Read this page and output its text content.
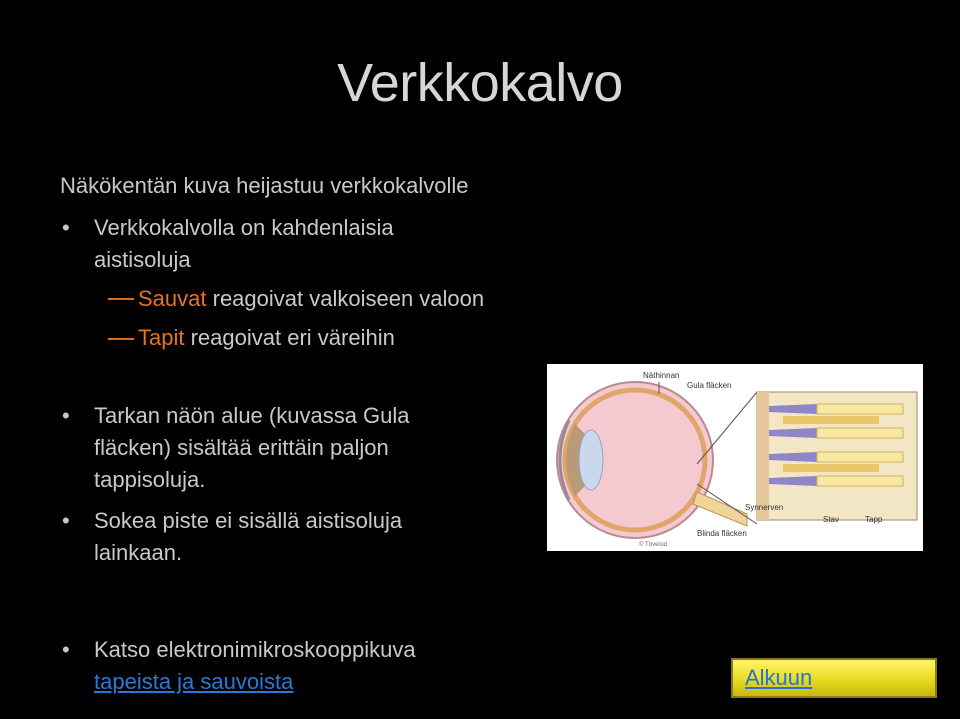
Verkkokalvo
Näkökentän kuva heijastuu verkkokalvolle
• Verkkokalvolla on kahdenlaisia
aistisoluja
Sauvat reagoivat valkoiseen valoon
Tapit reagoivat eri väreihin
• Tarkan näön alue (kuvassa Gula
fläcken) sisältää erittäin paljon
tappisoluja.
• Sokea piste ei sisällä aistisoluja
lainkaan.
• Katso elektronimikroskooppikuva
tapeista ja sauvoista
Näthinnan
Gula fläcken
Synnerven
Blinda fläcken
Stav	Tapp
© Töverud
Alkuun
